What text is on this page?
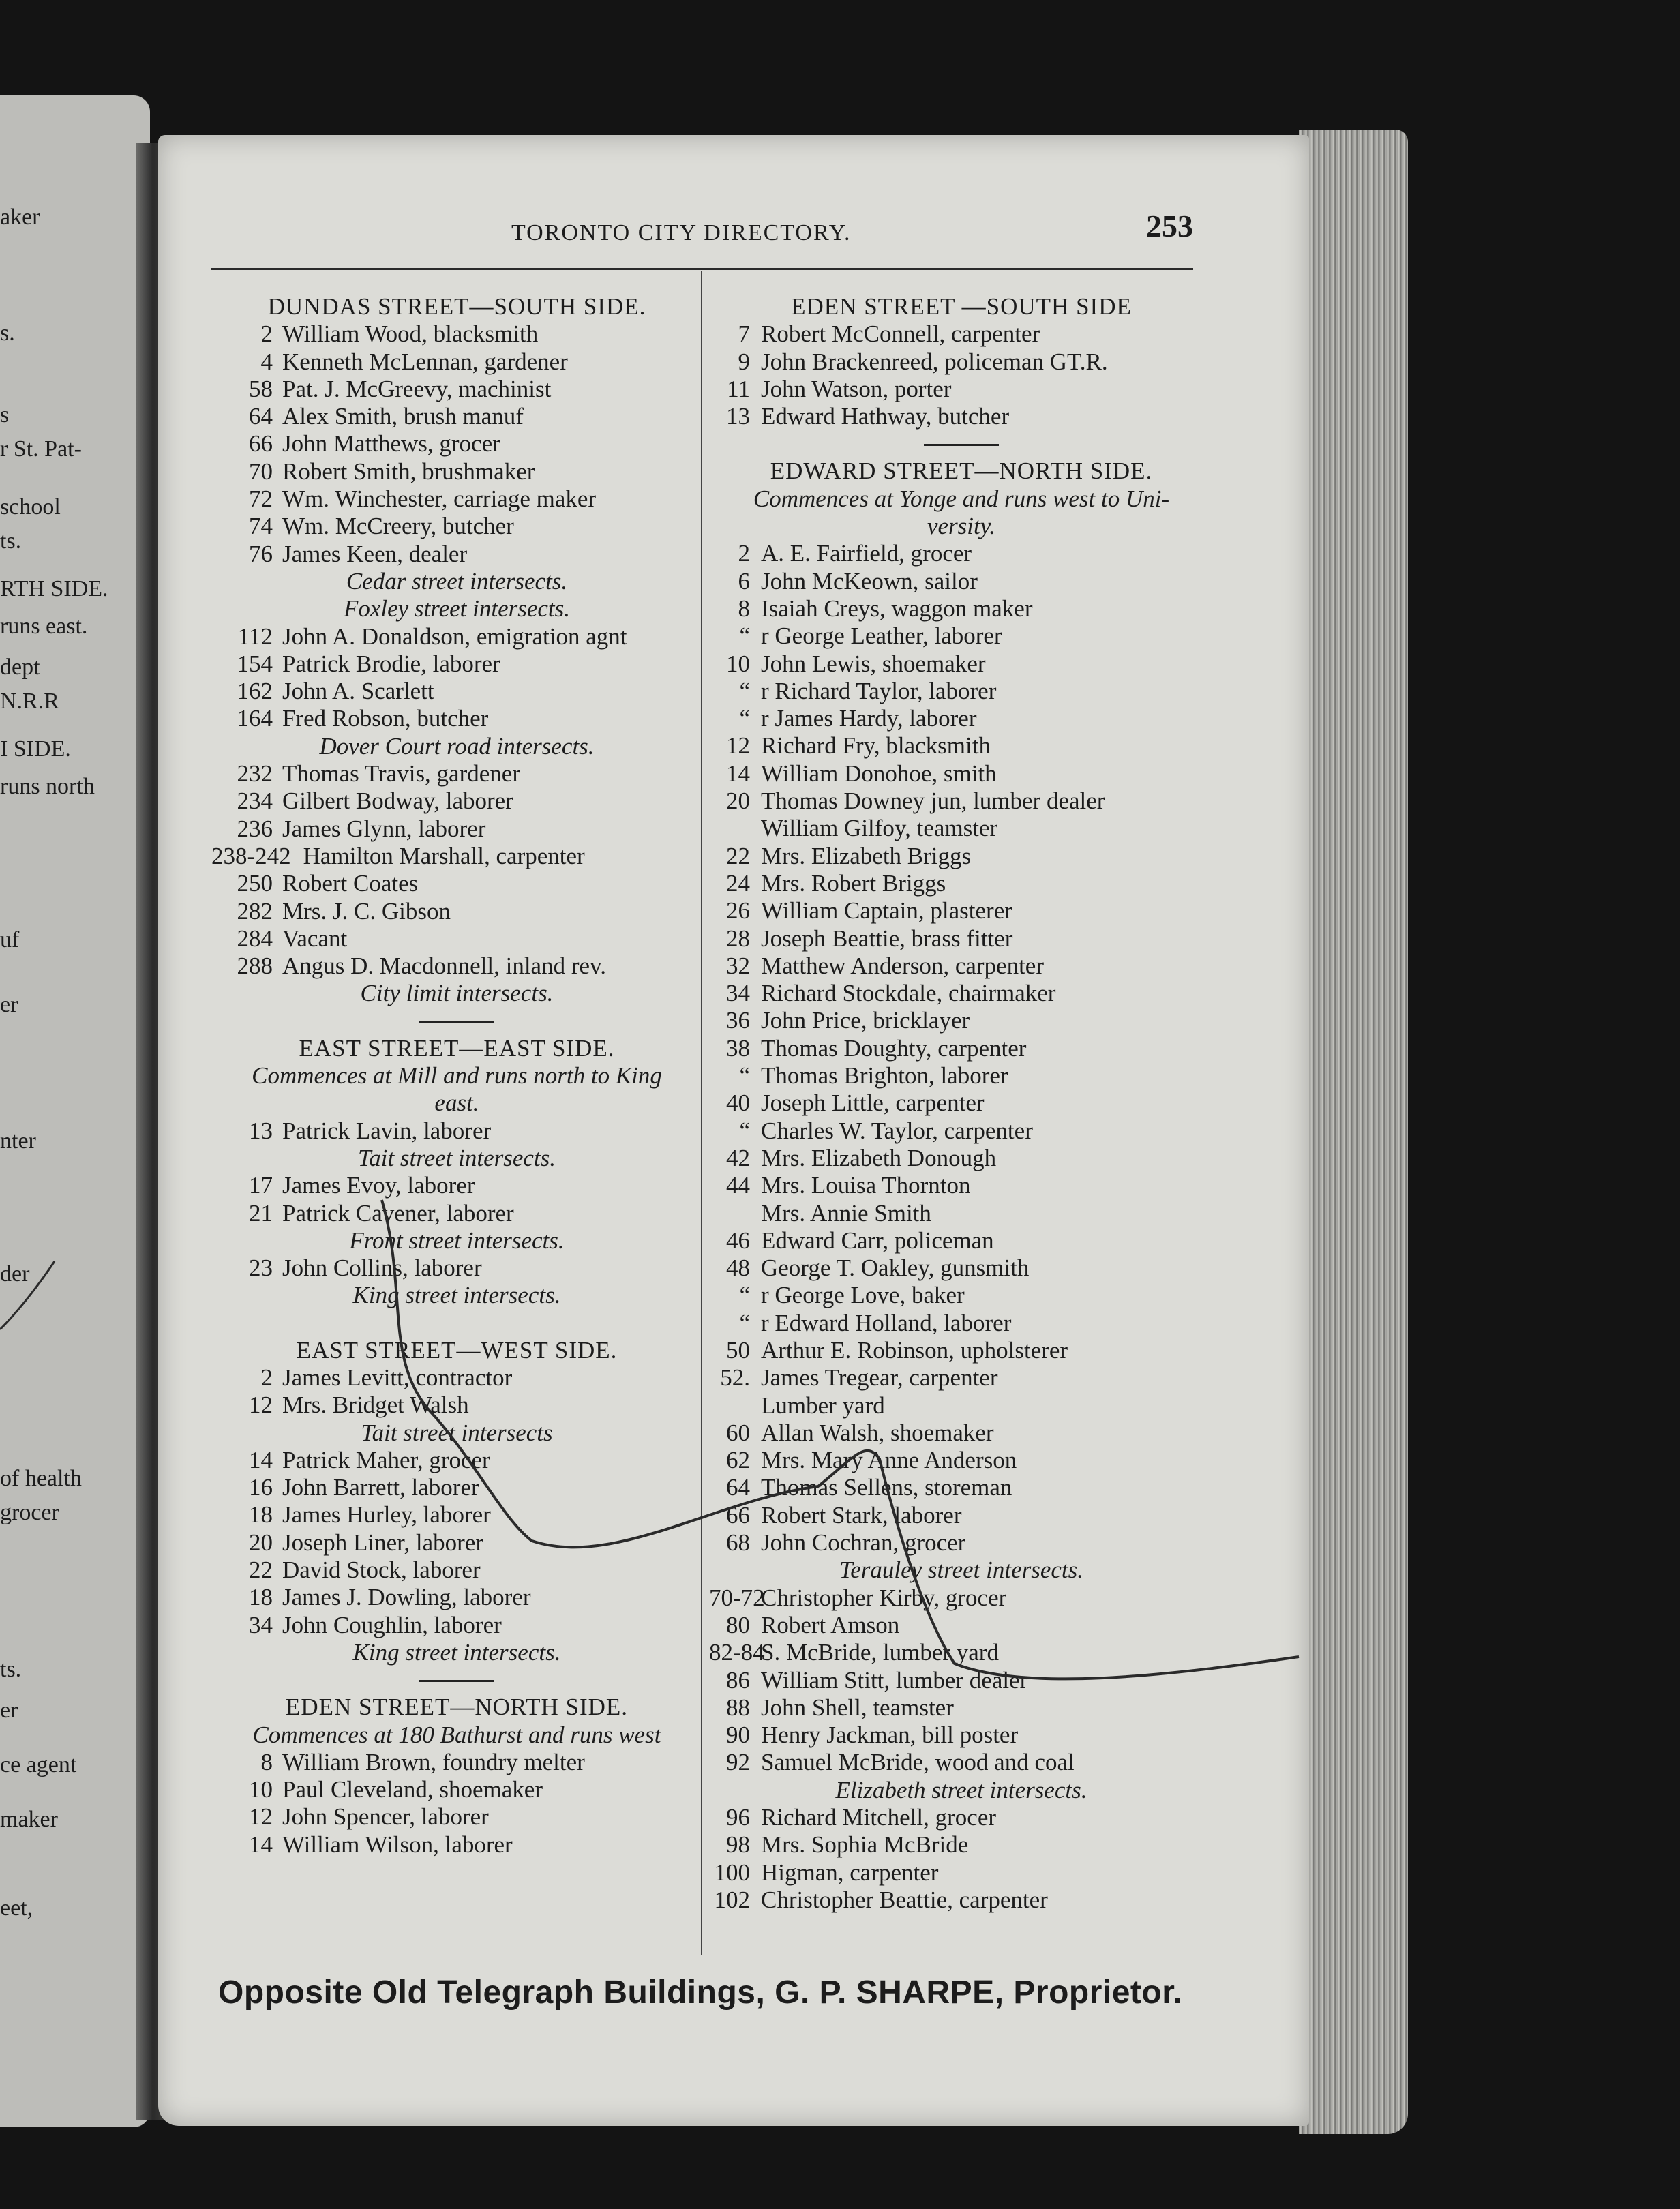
aker
s.
s
r St. Pat-
school
ts.
RTH SIDE.
runs east.
dept
N.R.R
I SIDE.
runs north
uf
er
nter
der
of health
grocer
ts.
er
ce agent
maker
eet,
TORONTO CITY DIRECTORY.	253
DUNDAS STREET—SOUTH SIDE.
2 William Wood, blacksmith
4 Kenneth McLennan, gardener
58 Pat. J. McGreevy, machinist
64 Alex Smith, brush manuf
66 John Matthews, grocer
70 Robert Smith, brushmaker
72 Wm. Winchester, carriage maker
74 Wm. McCreery, butcher
76 James Keen, dealer
Cedar street intersects.
Foxley street intersects.
112 John A. Donaldson, emigration agnt
154 Patrick Brodie, laborer
162 John A. Scarlett
164 Fred Robson, butcher
Dover Court road intersects.
232 Thomas Travis, gardener
234 Gilbert Bodway, laborer
236 James Glynn, laborer
238-242 Hamilton Marshall, carpenter
250 Robert Coates
282 Mrs. J. C. Gibson
284 Vacant
288 Angus D. Macdonnell, inland rev.
City limit intersects.
EAST STREET—EAST SIDE.
Commences at Mill and runs north to King
east.
13 Patrick Lavin, laborer
Tait street intersects.
17 James Evoy, laborer
21 Patrick Cavener, laborer
Front street intersects.
23 John Collins, laborer
King street intersects.
EAST STREET—WEST SIDE.
2 James Levitt, contractor
12 Mrs. Bridget Walsh
Tait street intersects
14 Patrick Maher, grocer
16 John Barrett, laborer
18 James Hurley, laborer
20 Joseph Liner, laborer
22 David Stock, laborer
18 James J. Dowling, laborer
34 John Coughlin, laborer
King street intersects.
EDEN STREET—NORTH SIDE.
Commences at 180 Bathurst and runs west
8 William Brown, foundry melter
10 Paul Cleveland, shoemaker
12 John Spencer, laborer
14 William Wilson, laborer
EDEN STREET —SOUTH SIDE
7 Robert McConnell, carpenter
9 John Brackenreed, policeman GT.R.
11 John Watson, porter
13 Edward Hathway, butcher
EDWARD STREET—NORTH SIDE.
Commences at Yonge and runs west to Uni-
versity.
2 A. E. Fairfield, grocer
6 John McKeown, sailor
8 Isaiah Creys, waggon maker
“ r George Leather, laborer
10 John Lewis, shoemaker
“ r Richard Taylor, laborer
“ r James Hardy, laborer
12 Richard Fry, blacksmith
14 William Donohoe, smith
20 Thomas Downey jun, lumber dealer
William Gilfoy, teamster
22 Mrs. Elizabeth Briggs
24 Mrs. Robert Briggs
26 William Captain, plasterer
28 Joseph Beattie, brass fitter
32 Matthew Anderson, carpenter
34 Richard Stockdale, chairmaker
36 John Price, bricklayer
38 Thomas Doughty, carpenter
“ Thomas Brighton, laborer
40 Joseph Little, carpenter
“ Charles W. Taylor, carpenter
42 Mrs. Elizabeth Donough
44 Mrs. Louisa Thornton
Mrs. Annie Smith
46 Edward Carr, policeman
48 George T. Oakley, gunsmith
“ r George Love, baker
“ r Edward Holland, laborer
50 Arthur E. Robinson, upholsterer
52. James Tregear, carpenter
Lumber yard
60 Allan Walsh, shoemaker
62 Mrs. Mary Anne Anderson
64 Thomas Sellens, storeman
66 Robert Stark, laborer
68 John Cochran, grocer
Terauley street intersects.
70-72Christopher Kirby, grocer
80 Robert Amson
82-84S. McBride, lumber yard
86 William Stitt, lumber dealer
88 John Shell, teamster
90 Henry Jackman, bill poster
92 Samuel McBride, wood and coal
Elizabeth street intersects.
96 Richard Mitchell, grocer
98 Mrs. Sophia McBride
100 Higman, carpenter
102 Christopher Beattie, carpenter
Opposite Old Telegraph Buildings, G. P. SHARPE, Proprietor.
